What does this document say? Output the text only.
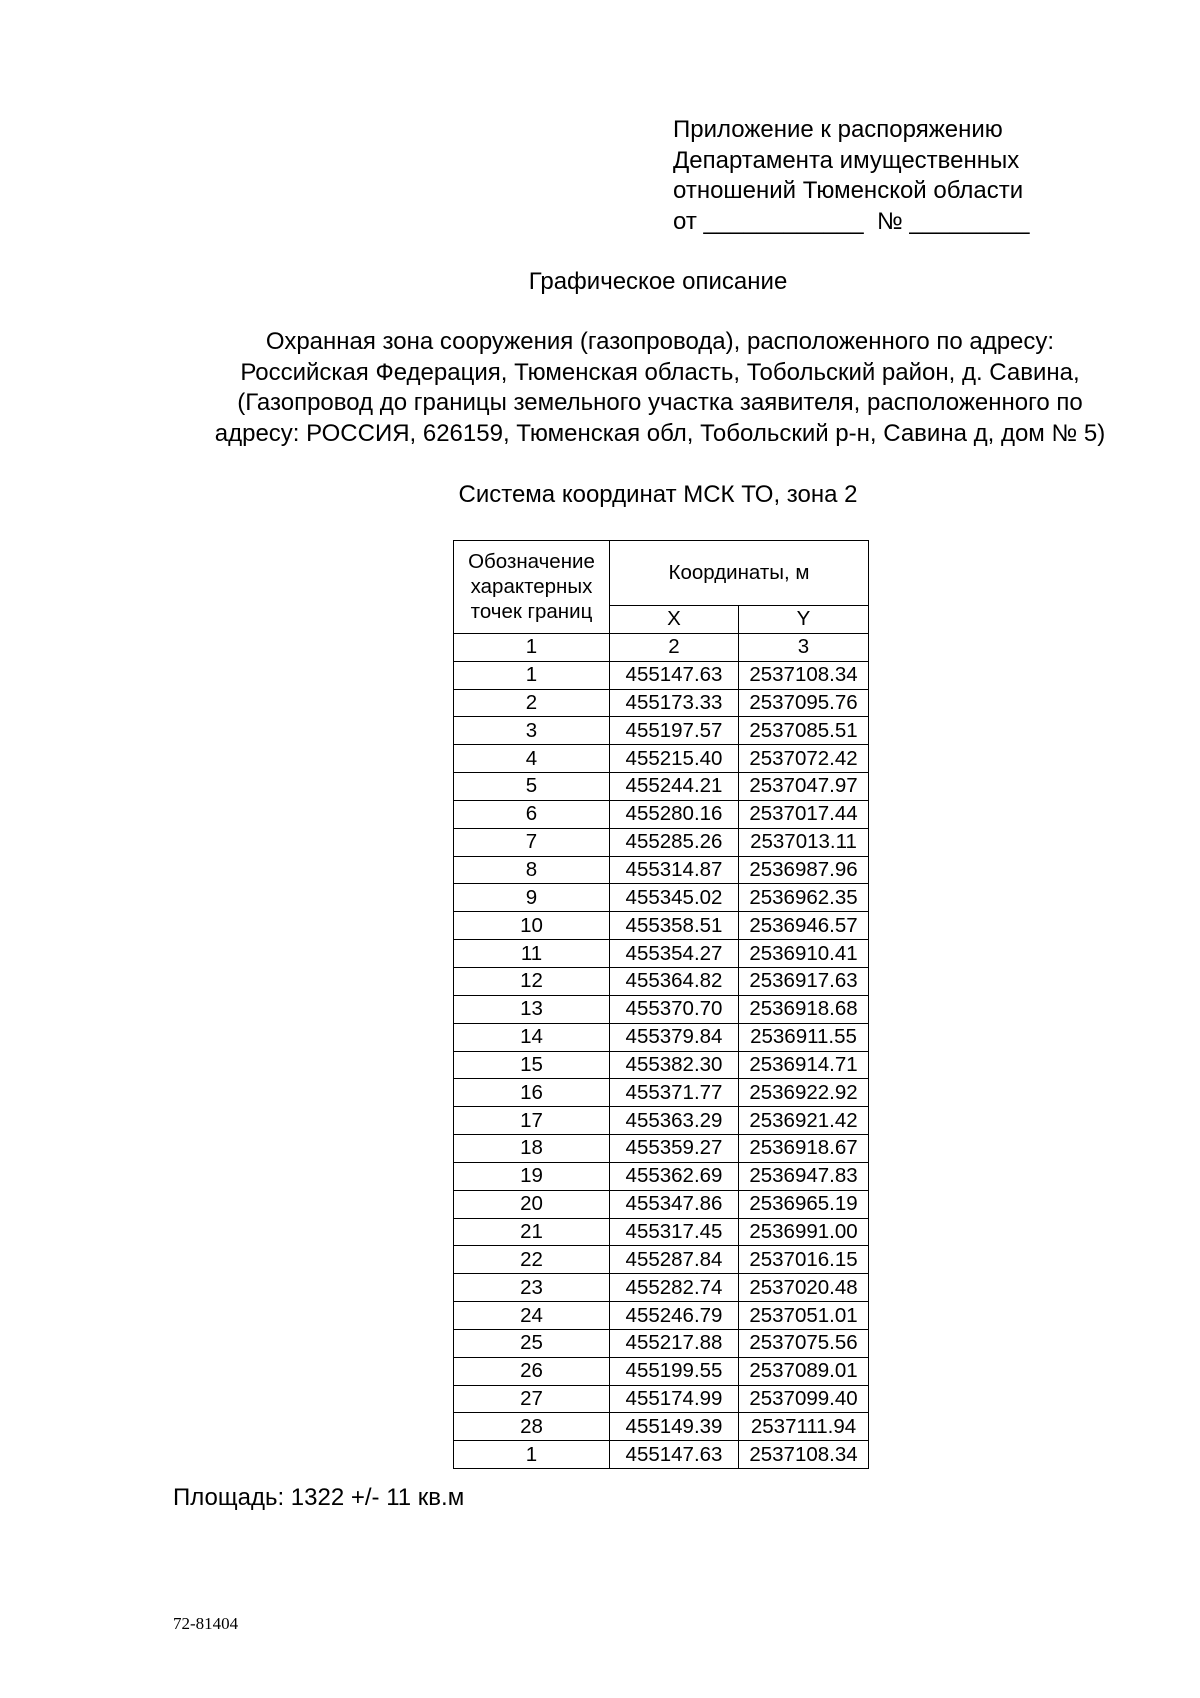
Приложение к распоряжению
Департамента имущественных
отношений Тюменской области
от ____________  № _________
Графическое описание
Охранная зона сооружения (газопровода), расположенного по адресу:
Российская Федерация, Тюменская область, Тобольский район, д. Савина,
(Газопровод до границы земельного участка заявителя, расположенного по
адресу: РОССИЯ, 626159, Тюменская обл, Тобольский р-н, Савина д, дом № 5)
Система координат МСК ТО, зона 2
Обозначение характерных точек границ	Координаты, м	
	X	Y
1	2	3
1	455147.63	2537108.34
2	455173.33	2537095.76
3	455197.57	2537085.51
4	455215.40	2537072.42
5	455244.21	2537047.97
6	455280.16	2537017.44
7	455285.26	2537013.11
8	455314.87	2536987.96
9	455345.02	2536962.35
10	455358.51	2536946.57
11	455354.27	2536910.41
12	455364.82	2536917.63
13	455370.70	2536918.68
14	455379.84	2536911.55
15	455382.30	2536914.71
16	455371.77	2536922.92
17	455363.29	2536921.42
18	455359.27	2536918.67
19	455362.69	2536947.83
20	455347.86	2536965.19
21	455317.45	2536991.00
22	455287.84	2537016.15
23	455282.74	2537020.48
24	455246.79	2537051.01
25	455217.88	2537075.56
26	455199.55	2537089.01
27	455174.99	2537099.40
28	455149.39	2537111.94
1	455147.63	2537108.34
Площадь: 1322 +/- 11 кв.м
72-81404
